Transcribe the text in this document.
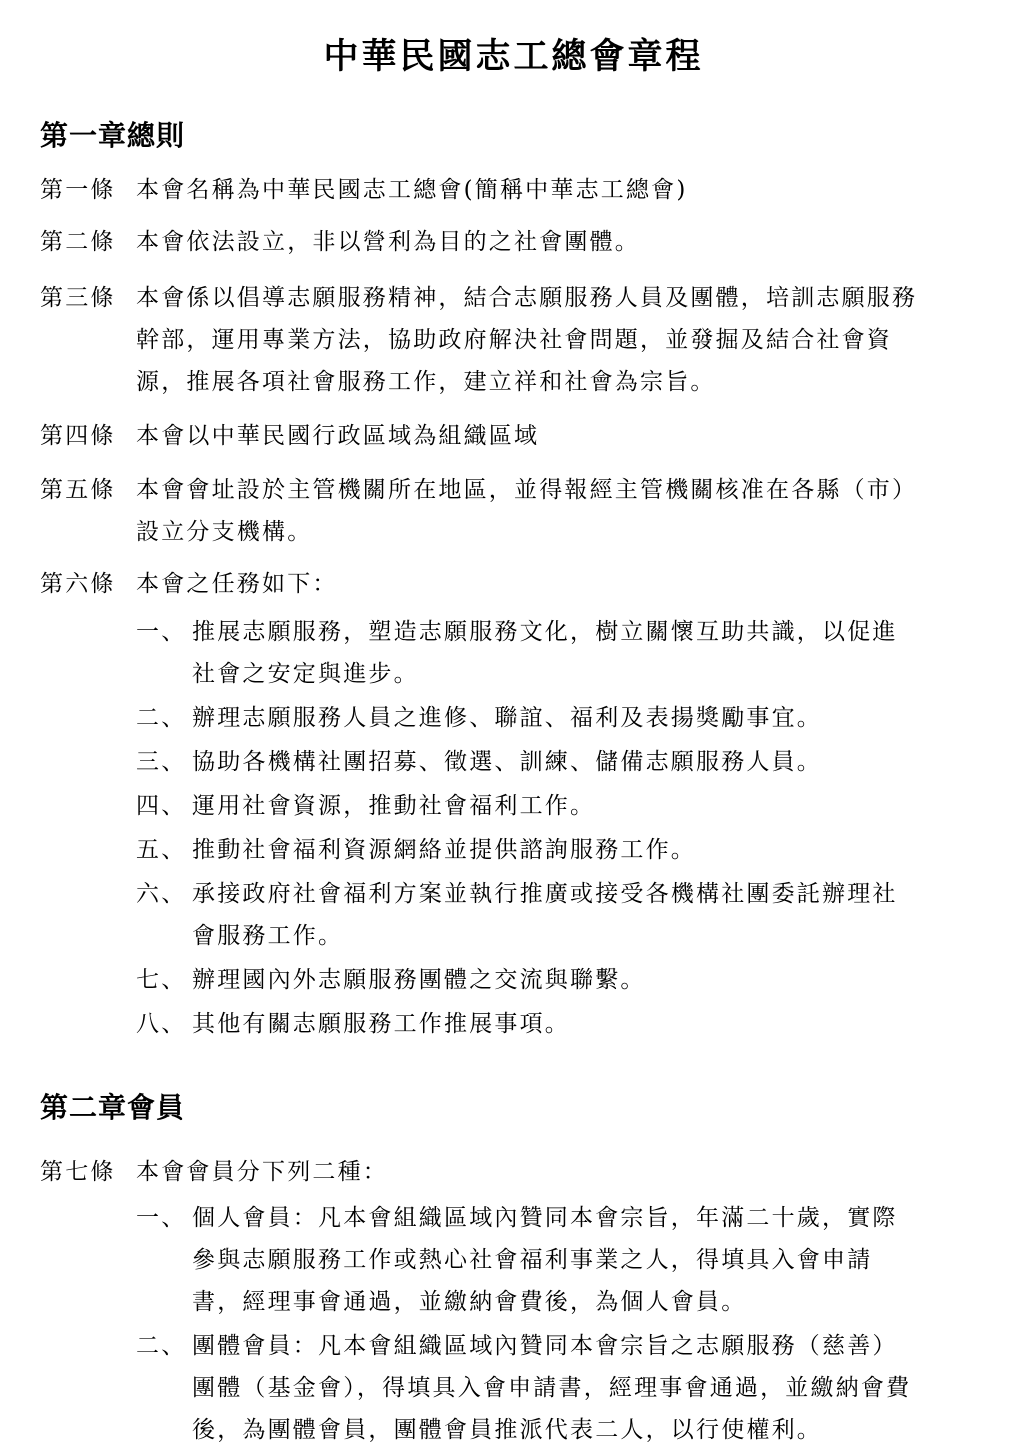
中華民國志工總會章程
第一章總則
第一條 本會名稱為中華民國志工總會(簡稱中華志工總會)
第二條 本會依法設立，非以營利為目的之社會團體。
第三條 本會係以倡導志願服務精神，結合志願服務人員及團體，培訓志願服務
幹部，運用專業方法，協助政府解決社會問題，並發掘及結合社會資
源，推展各項社會服務工作，建立祥和社會為宗旨。
第四條 本會以中華民國行政區域為組織區域
第五條 本會會址設於主管機關所在地區，並得報經主管機關核准在各縣（市）
設立分支機構。
第六條 本會之任務如下：
一、 推展志願服務，塑造志願服務文化，樹立關懷互助共識，以促進
社會之安定與進步。
二、 辦理志願服務人員之進修、聯誼、福利及表揚獎勵事宜。
三、 協助各機構社團招募、徵選、訓練、儲備志願服務人員。
四、 運用社會資源，推動社會福利工作。
五、 推動社會福利資源網絡並提供諮詢服務工作。
六、 承接政府社會福利方案並執行推廣或接受各機構社團委託辦理社
會服務工作。
七、 辦理國內外志願服務團體之交流與聯繫。
八、 其他有關志願服務工作推展事項。
第二章會員
第七條 本會會員分下列二種：
一、 個人會員：凡本會組織區域內贊同本會宗旨，年滿二十歲，實際
參與志願服務工作或熱心社會福利事業之人，得填具入會申請
書，經理事會通過，並繳納會費後，為個人會員。
二、 團體會員：凡本會組織區域內贊同本會宗旨之志願服務（慈善）
團體（基金會），得填具入會申請書，經理事會通過，並繳納會費
後，為團體會員，團體會員推派代表二人，以行使權利。
